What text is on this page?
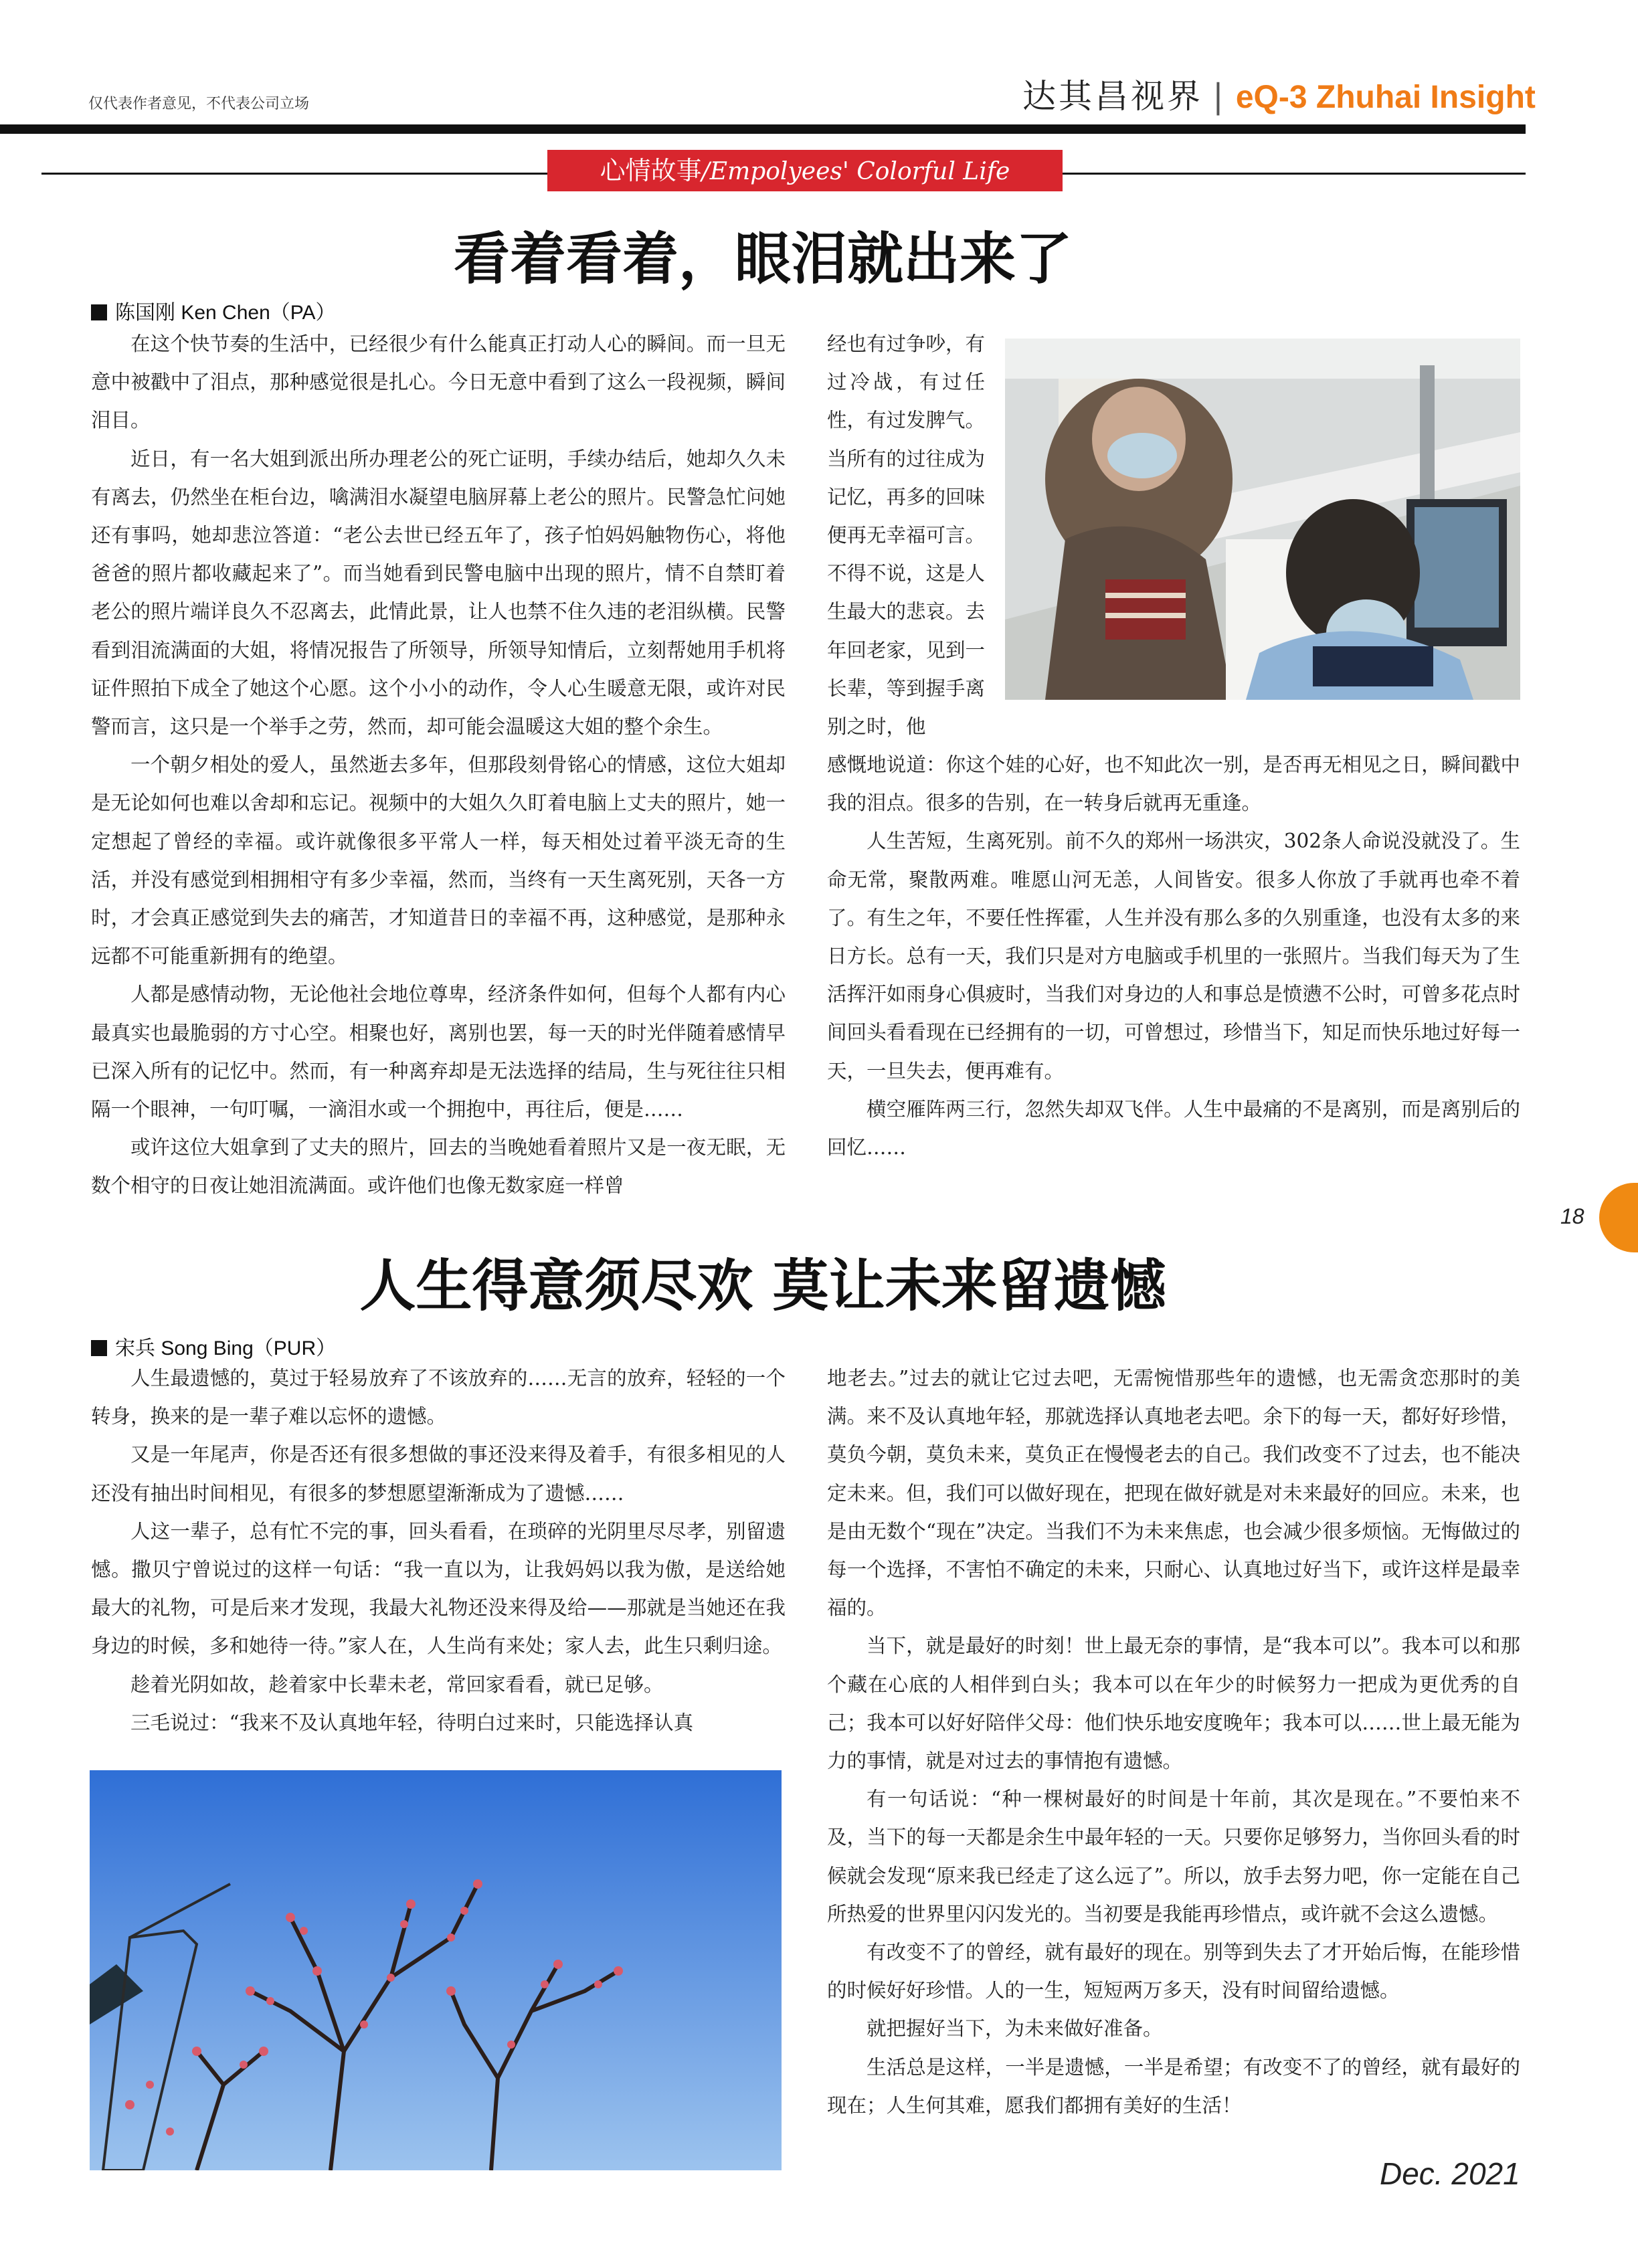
仅代表作者意见，不代表公司立场	达其昌视界 | eQ-3 Zhuhai Insight
心情故事/Empolyees' Colorful Life
看着看着，眼泪就出来了
陈国刚 Ken Chen（PA）

在这个快节奏的生活中，已经很少有什么能真正打动人心的瞬间。而一旦无意中被戳中了泪点，那种感觉很是扎心。今日无意中看到了这么一段视频，瞬间泪目。

近日，有一名大姐到派出所办理老公的死亡证明，手续办结后，她却久久未有离去，仍然坐在柜台边，噙满泪水凝望电脑屏幕上老公的照片。民警急忙问她还有事吗，她却悲泣答道：“老公去世已经五年了，孩子怕妈妈触物伤心，将他爸爸的照片都收藏起来了”。而当她看到民警电脑中出现的照片，情不自禁盯着老公的照片端详良久不忍离去，此情此景，让人也禁不住久违的老泪纵横。民警看到泪流满面的大姐，将情况报告了所领导，所领导知情后，立刻帮她用手机将证件照拍下成全了她这个心愿。这个小小的动作，令人心生暖意无限，或许对民警而言，这只是一个举手之劳，然而，却可能会温暖这大姐的整个余生。

一个朝夕相处的爱人，虽然逝去多年，但那段刻骨铭心的情感，这位大姐却是无论如何也难以舍却和忘记。视频中的大姐久久盯着电脑上丈夫的照片，她一定想起了曾经的幸福。或许就像很多平常人一样，每天相处过着平淡无奇的生活，并没有感觉到相拥相守有多少幸福，然而，当终有一天生离死别，天各一方时，才会真正感觉到失去的痛苦，才知道昔日的幸福不再，这种感觉，是那种永远都不可能重新拥有的绝望。

人都是感情动物，无论他社会地位尊卑，经济条件如何，但每个人都有内心最真实也最脆弱的方寸心空。相聚也好，离别也罢，每一天的时光伴随着感情早已深入所有的记忆中。然而，有一种离弃却是无法选择的结局，生与死往往只相隔一个眼神，一句叮嘱，一滴泪水或一个拥抱中，再往后，便是……

或许这位大姐拿到了丈夫的照片，回去的当晚她看着照片又是一夜无眠，无数个相守的日夜让她泪流满面。或许他们也像无数家庭一样曾

经也有过争吵，有过冷战，有过任性，有过发脾气。当所有的过往成为记忆，再多的回味便再无幸福可言。不得不说，这是人生最大的悲哀。去年回老家，见到一长辈，等到握手离别之时，他

感慨地说道：你这个娃的心好，也不知此次一别，是否再无相见之日，瞬间戳中我的泪点。很多的告别，在一转身后就再无重逢。

人生苦短，生离死别。前不久的郑州一场洪灾，302条人命说没就没了。生命无常，聚散两难。唯愿山河无恙，人间皆安。很多人你放了手就再也牵不着了。有生之年，不要任性挥霍，人生并没有那么多的久别重逢，也没有太多的来日方长。总有一天，我们只是对方电脑或手机里的一张照片。当我们每天为了生活挥汗如雨身心俱疲时，当我们对身边的人和事总是愤懑不公时，可曾多花点时间回头看看现在已经拥有的一切，可曾想过，珍惜当下，知足而快乐地过好每一天，一旦失去，便再难有。

横空雁阵两三行，忽然失却双飞伴。人生中最痛的不是离别，而是离别后的回忆……

18
人生得意须尽欢 莫让未来留遗憾
宋兵 Song Bing（PUR）

人生最遗憾的，莫过于轻易放弃了不该放弃的……无言的放弃，轻轻的一个转身，换来的是一辈子难以忘怀的遗憾。

又是一年尾声，你是否还有很多想做的事还没来得及着手，有很多相见的人还没有抽出时间相见，有很多的梦想愿望渐渐成为了遗憾……

人这一辈子，总有忙不完的事，回头看看，在琐碎的光阴里尽尽孝，别留遗憾。撒贝宁曾说过的这样一句话：“我一直以为，让我妈妈以我为傲，是送给她最大的礼物，可是后来才发现，我最大礼物还没来得及给——那就是当她还在我身边的时候，多和她待一待。”家人在，人生尚有来处；家人去，此生只剩归途。

趁着光阴如故，趁着家中长辈未老，常回家看看，就已足够。

三毛说过：“我来不及认真地年轻，待明白过来时，只能选择认真

地老去。”过去的就让它过去吧，无需惋惜那些年的遗憾，也无需贪恋那时的美满。来不及认真地年轻，那就选择认真地老去吧。余下的每一天，都好好珍惜，莫负今朝，莫负未来，莫负正在慢慢老去的自己。我们改变不了过去，也不能决定未来。但，我们可以做好现在，把现在做好就是对未来最好的回应。未来，也是由无数个“现在”决定。当我们不为未来焦虑，也会减少很多烦恼。无悔做过的每一个选择，不害怕不确定的未来，只耐心、认真地过好当下，或许这样是最幸福的。

当下，就是最好的时刻！世上最无奈的事情，是“我本可以”。我本可以和那个藏在心底的人相伴到白头；我本可以在年少的时候努力一把成为更优秀的自己；我本可以好好陪伴父母：他们快乐地安度晚年；我本可以……世上最无能为力的事情，就是对过去的事情抱有遗憾。

有一句话说：“种一棵树最好的时间是十年前，其次是现在。”不要怕来不及，当下的每一天都是余生中最年轻的一天。只要你足够努力，当你回头看的时候就会发现“原来我已经走了这么远了”。所以，放手去努力吧，你一定能在自己所热爱的世界里闪闪发光的。当初要是我能再珍惜点，或许就不会这么遗憾。

有改变不了的曾经，就有最好的现在。别等到失去了才开始后悔，在能珍惜的时候好好珍惜。人的一生，短短两万多天，没有时间留给遗憾。

就把握好当下，为未来做好准备。

生活总是这样，一半是遗憾，一半是希望；有改变不了的曾经，就有最好的现在；人生何其难，愿我们都拥有美好的生活！

Dec. 2021
